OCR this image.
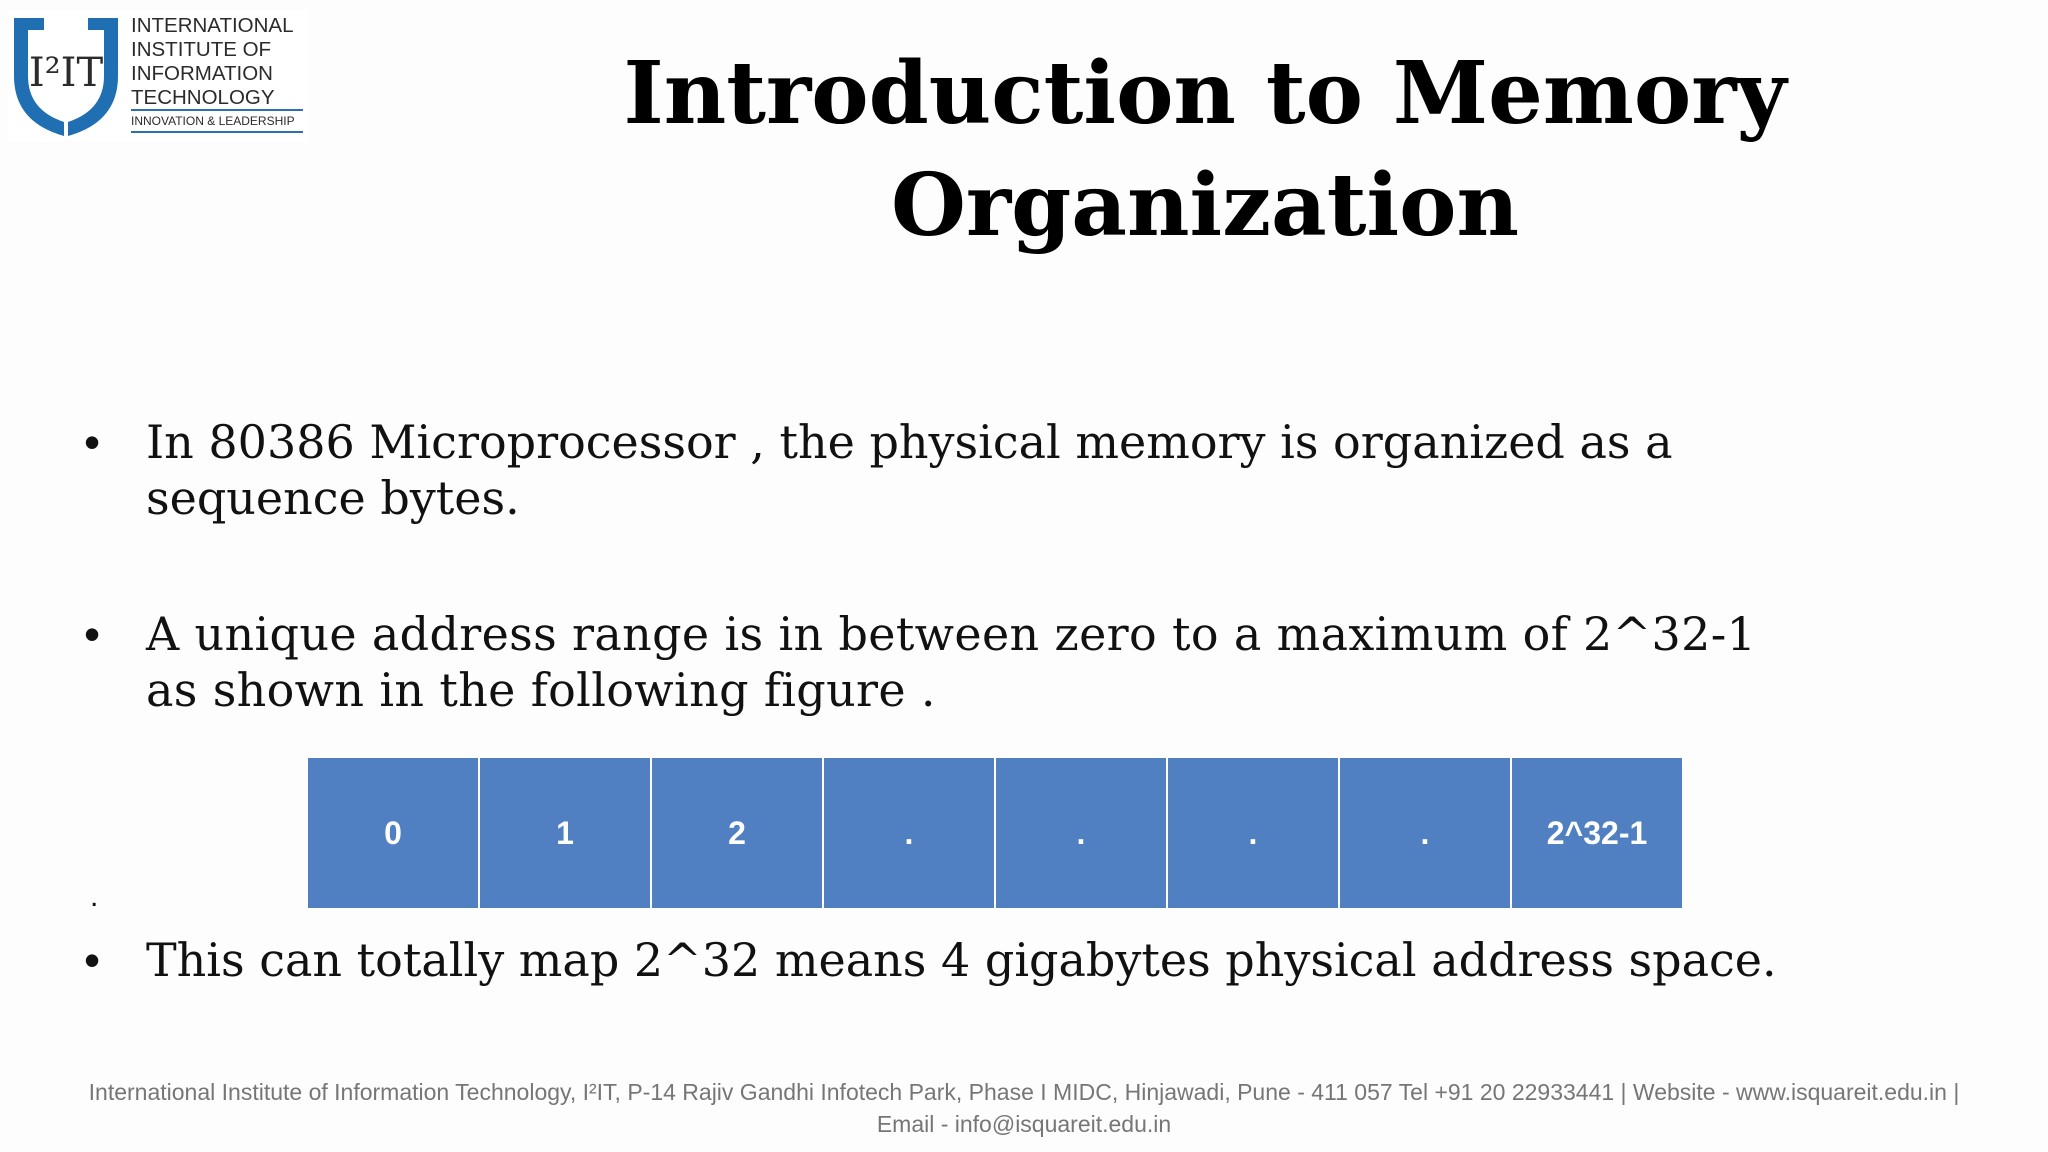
I²IT
INTERNATIONAL
INSTITUTE OF
INFORMATION
TECHNOLOGY
INNOVATION & LEADERSHIP	Introduction to Memory
Organization
• In 80386 Microprocessor , the physical memory is organized as a
sequence bytes.
• A unique address range is in between zero to a maximum of 2^32-1
as shown in the following figure .
0	1	2	.	.	.	.	2^32-1
.
• This can totally map 2^32 means 4 gigabytes physical address space.
International Institute of Information Technology, I²IT, P-14 Rajiv Gandhi Infotech Park, Phase I MIDC, Hinjawadi, Pune - 411 057 Tel +91 20 22933441 | Website - www.isquareit.edu.in |
Email - info@isquareit.edu.in
